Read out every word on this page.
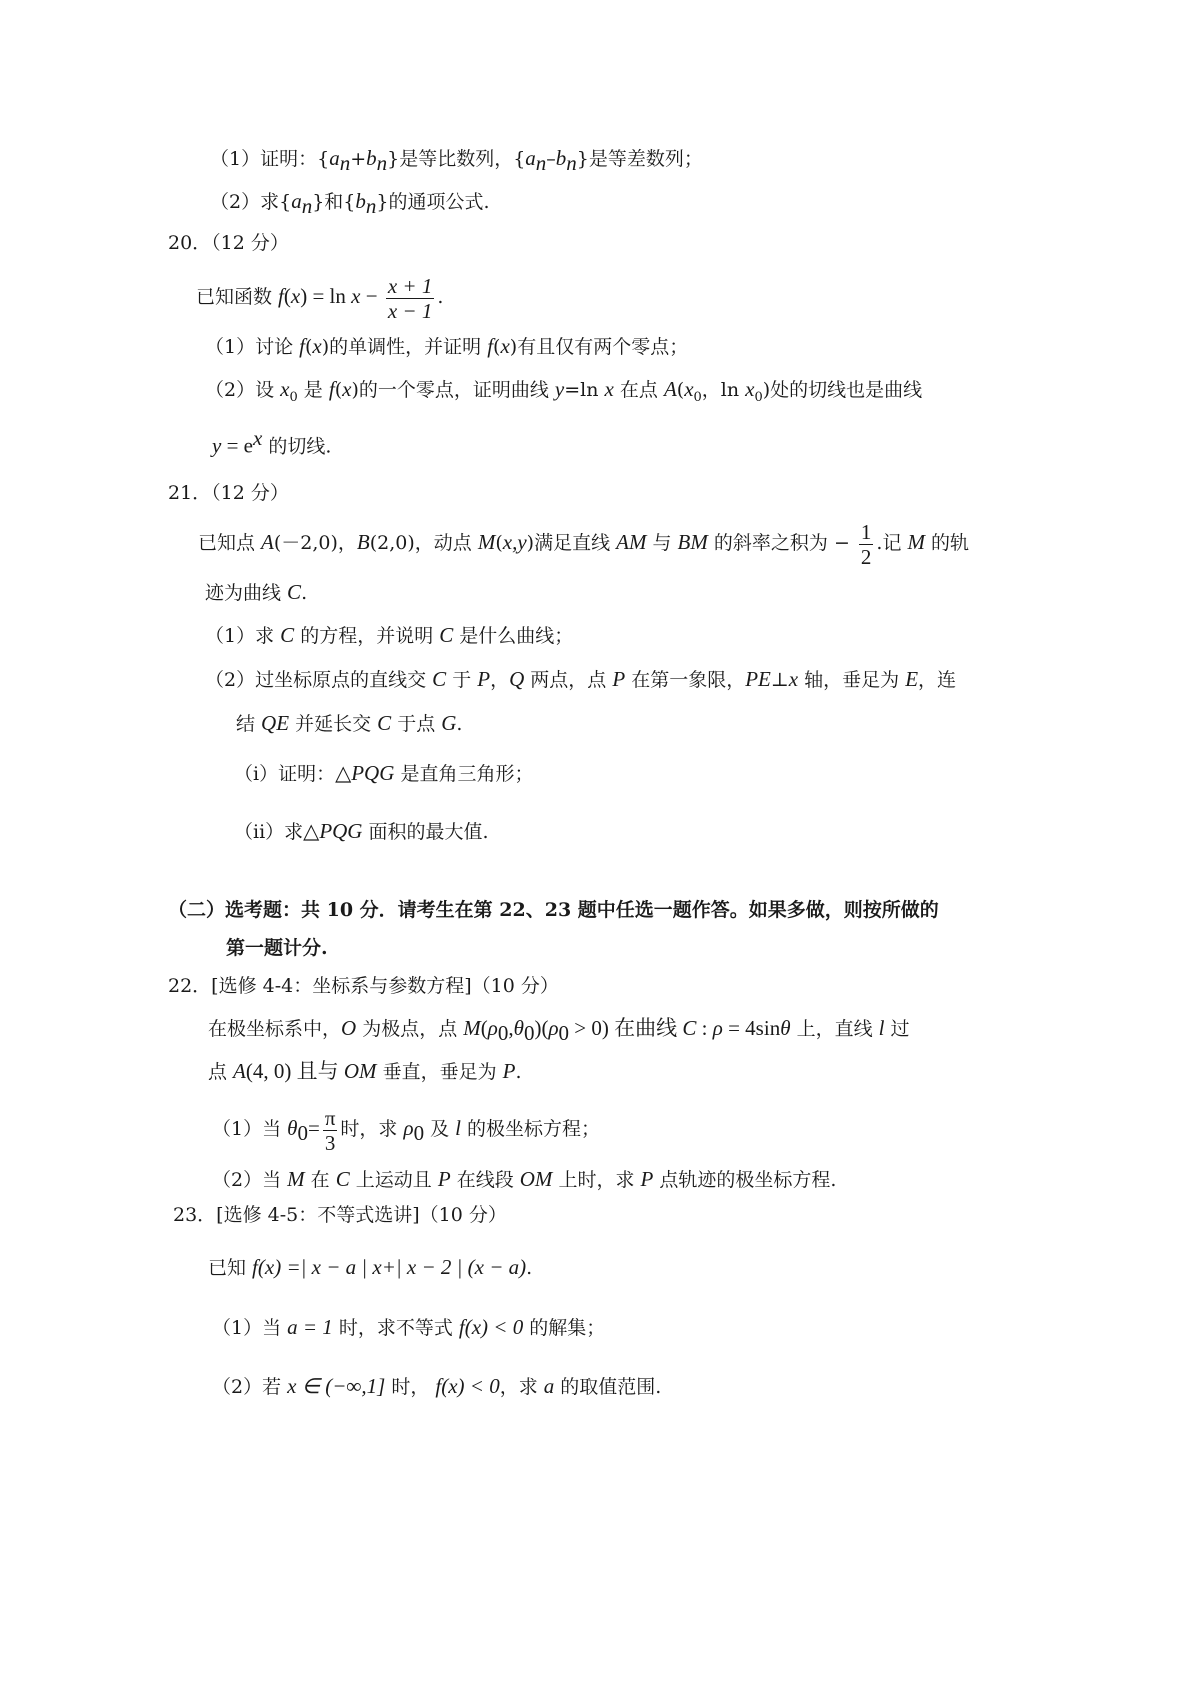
（1）证明：$\{a_n+b_n\}$是等比数列，$\{a_n-b_n\}$是等差数列；
（2）求$\{a_n\}$和$\{b_n\}$的通项公式.
20．（12 分）
已知函数 $f(x) = \ln x - \frac{x + 1}{x - 1}$ .
（1）讨论 f(x)的单调性，并证明 f(x)有且仅有两个零点；
（2）设 $x_0$ 是 f(x)的一个零点，证明曲线 y=ln x 在点 $A(x_0$，$\ln x_0$)处的切线也是曲线
$y = e^x$ 的切线.
21．（12 分）
已知点 A(－2,0)，B(2,0)，动点 M(x,y)满足直线 AM 与 BM 的斜率之积为 − $\frac{1}{2}$ .记 M 的轨
迹为曲线 C.
（1）求 C 的方程，并说明 C 是什么曲线；
（2）过坐标原点的直线交 C 于 P，Q 两点，点 P 在第一象限，PE⊥x 轴，垂足为 E，连
结 QE 并延长交 C 于点 G.
（i）证明：△PQG 是直角三角形；
（ii）求△PQG 面积的最大值.
（二）选考题：共 10 分．请考生在第 22、23 题中任选一题作答。如果多做，则按所做的
第一题计分.
22．[选修 4-4：坐标系与参数方程]（10 分）
在极坐标系中，O 为极点，点 $M(\rho_0,\theta_0)(\rho_0 > 0)$ 在曲线 C : ρ = 4sinθ 上，直线 l 过
点 A(4, 0) 且与 OM 垂直，垂足为 P.
（1）当 $\theta_0= \frac{\pi}{3}$ 时，求 $\rho_0$ 及 l 的极坐标方程；
（2）当 M 在 C 上运动且 P 在线段 OM 上时，求 P 点轨迹的极坐标方程.
23．[选修 4-5：不等式选讲]（10 分）
已知 f(x) =| x − a | x+| x − 2 | (x − a).
（1）当 a = 1 时，求不等式 f(x) < 0 的解集；
（2）若 x ∈ (−∞,1] 时， f(x) < 0，求 a 的取值范围.
